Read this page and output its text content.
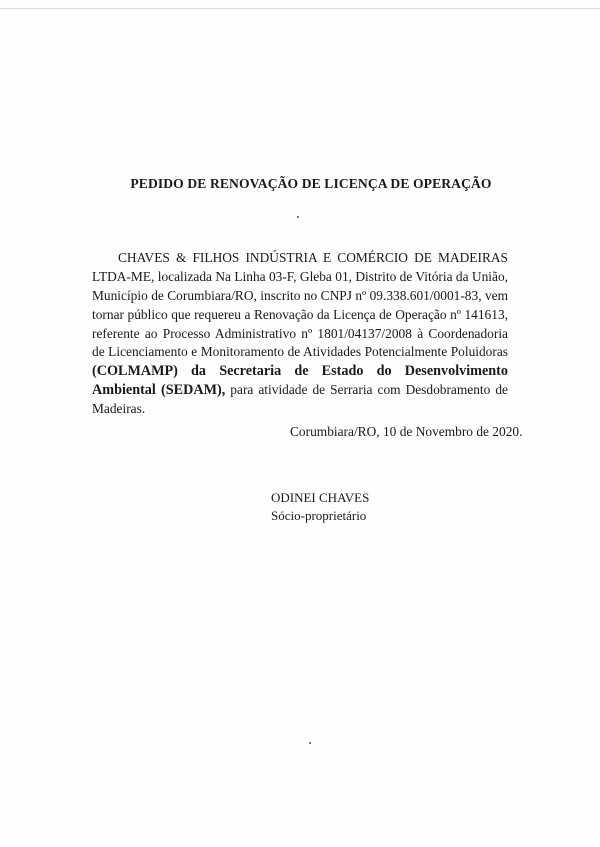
PEDIDO DE RENOVAÇÃO DE LICENÇA DE OPERAÇÃO

CHAVES & FILHOS INDÚSTRIA E COMÉRCIO DE MADEIRAS LTDA-ME, localizada Na Linha 03-F, Gleba 01, Distrito de Vitória da União, Município de Corumbiara/RO, inscrito no CNPJ nº 09.338.601/0001-83, vem tornar público que requereu a Renovação da Licença de Operação nº 141613, referente ao Processo Administrativo nº 1801/04137/2008 à Coordenadoria de Licenciamento e Monitoramento de Atividades Potencialmente Poluidoras (COLMAMP) da Secretaria de Estado do Desenvolvimento Ambiental (SEDAM), para atividade de Serraria com Desdobramento de Madeiras.

Corumbiara/RO, 10 de Novembro de 2020.
ODINEI CHAVES
Sócio-proprietário
